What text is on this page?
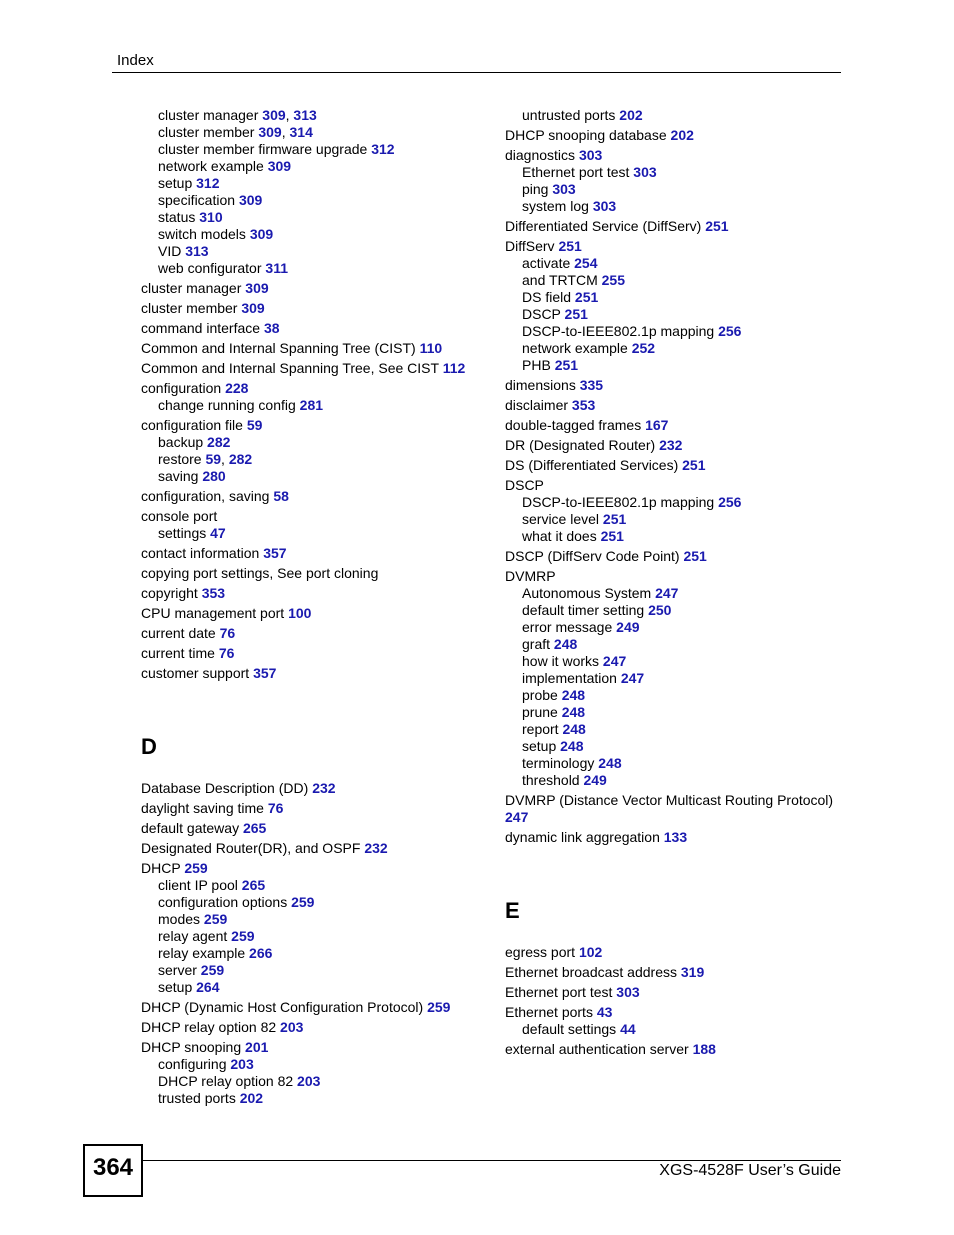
Index
cluster manager 309, 313
cluster member 309, 314
cluster member firmware upgrade 312
network example 309
setup 312
specification 309
status 310
switch models 309
VID 313
web configurator 311
cluster manager 309
cluster member 309
command interface 38
Common and Internal Spanning Tree (CIST) 110
Common and Internal Spanning Tree, See CIST 112
configuration 228
change running config 281
configuration file 59
backup 282
restore 59, 282
saving 280
configuration, saving 58
console port
settings 47
contact information 357
copying port settings, See port cloning
copyright 353
CPU management port 100
current date 76
current time 76
customer support 357
D
Database Description (DD) 232
daylight saving time 76
default gateway 265
Designated Router(DR), and OSPF 232
DHCP 259
client IP pool 265
configuration options 259
modes 259
relay agent 259
relay example 266
server 259
setup 264
DHCP (Dynamic Host Configuration Protocol) 259
DHCP relay option 82 203
DHCP snooping 201
configuring 203
DHCP relay option 82 203
trusted ports 202
untrusted ports 202
DHCP snooping database 202
diagnostics 303
Ethernet port test 303
ping 303
system log 303
Differentiated Service (DiffServ) 251
DiffServ 251
activate 254
and TRTCM 255
DS field 251
DSCP 251
DSCP-to-IEEE802.1p mapping 256
network example 252
PHB 251
dimensions 335
disclaimer 353
double-tagged frames 167
DR (Designated Router) 232
DS (Differentiated Services) 251
DSCP
DSCP-to-IEEE802.1p mapping 256
service level 251
what it does 251
DSCP (DiffServ Code Point) 251
DVMRP
Autonomous System 247
default timer setting 250
error message 249
graft 248
how it works 247
implementation 247
probe 248
prune 248
report 248
setup 248
terminology 248
threshold 249
DVMRP (Distance Vector Multicast Routing Protocol) 247
dynamic link aggregation 133
E
egress port 102
Ethernet broadcast address 319
Ethernet port test 303
Ethernet ports 43
default settings 44
external authentication server 188
364	XGS-4528F User’s Guide
